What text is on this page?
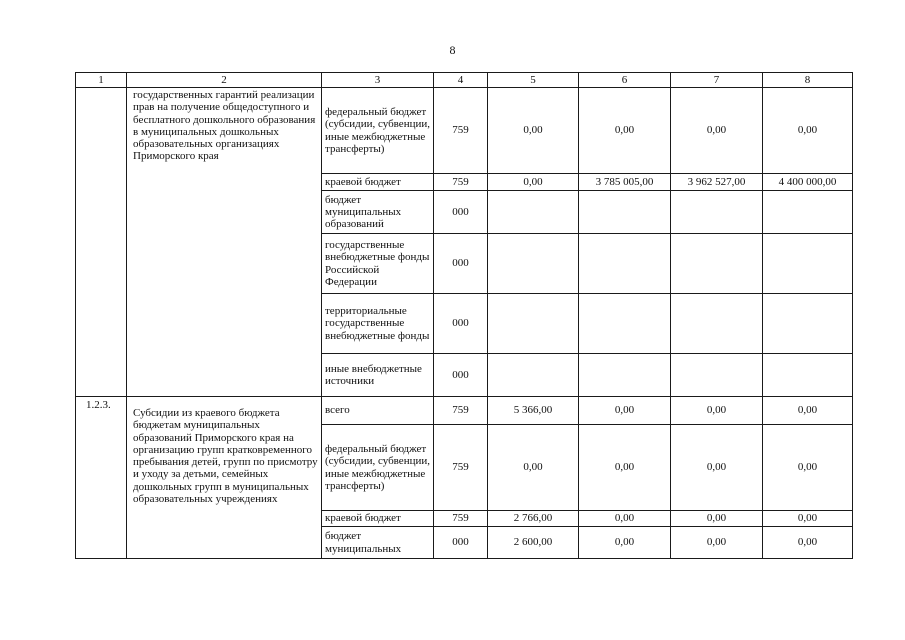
8
1	2	3	4	5	6	7	8
	государственных гарантий реализации прав на получение общедоступного и бесплатного дошкольного образования в муниципальных дошкольных образовательных организациях Приморского края	федеральный бюджет (субсидии, субвенции, иные межбюджетные трансферты)	759	0,00	0,00	0,00	0,00
		краевой бюджет	759	0,00	3 785 005,00	3 962 527,00	4 400 000,00
		бюджет муниципальных образований	000				
		государственные внебюджетные фонды Российской Федерации	000				
		территориальные государственные внебюджетные фонды	000				
		иные внебюджетные источники	000				
1.2.3.	Субсидии из краевого бюджета бюджетам муниципальных образований Приморского края на организацию групп кратковременного пребывания детей, групп по присмотру и уходу за детьми, семейных дошкольных групп в муниципальных образовательных учреждениях	всего	759	5 366,00	0,00	0,00	0,00
		федеральный бюджет (субсидии, субвенции, иные межбюджетные трансферты)	759	0,00	0,00	0,00	0,00
		краевой бюджет	759	2 766,00	0,00	0,00	0,00
		бюджет муниципальных	000	2 600,00	0,00	0,00	0,00
